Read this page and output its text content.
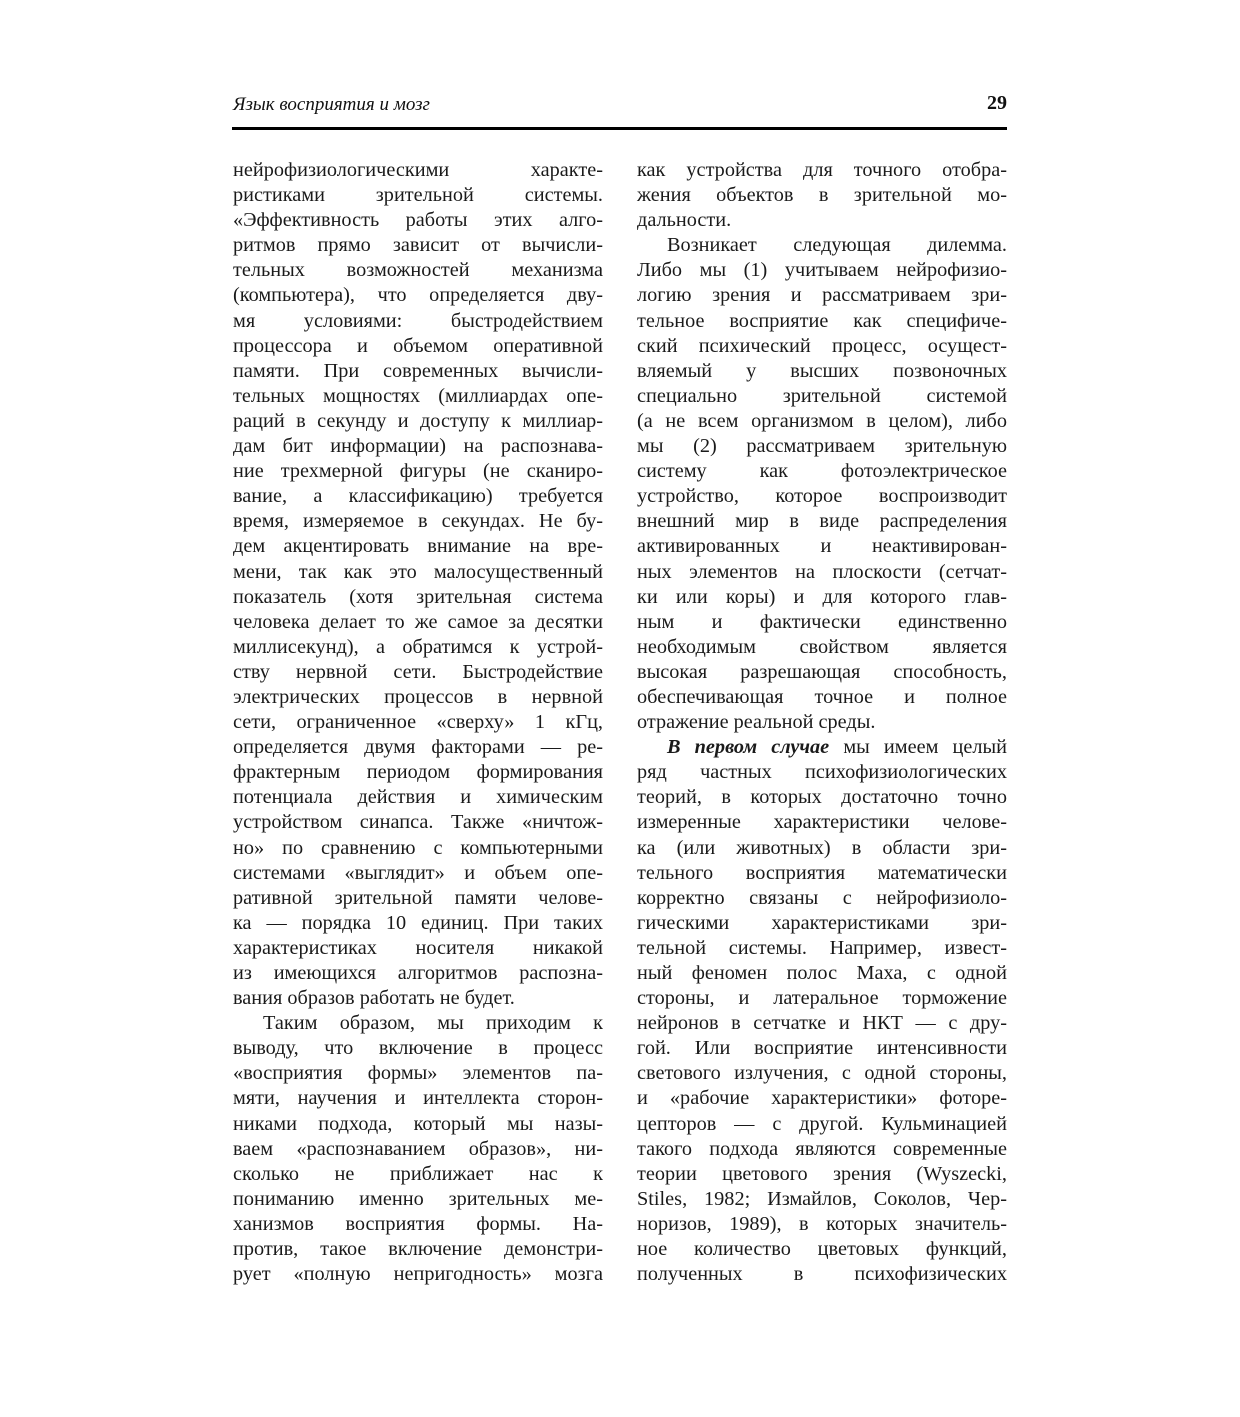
Язык восприятия и мозг	29
нейрофизиологическими характе-
ристиками зрительной системы.
«Эффективность работы этих алго-
ритмов прямо зависит от вычисли-
тельных возможностей механизма
(компьютера), что определяется дву-
мя условиями: быстродействием
процессора и объемом оперативной
памяти. При современных вычисли-
тельных мощностях (миллиардах опе-
раций в секунду и доступу к миллиар-
дам бит информации) на распознава-
ние трехмерной фигуры (не сканиро-
вание, а классификацию) требуется
время, измеряемое в секундах. Не бу-
дем акцентировать внимание на вре-
мени, так как это малосущественный
показатель (хотя зрительная система
человека делает то же самое за десятки
миллисекунд), а обратимся к устрой-
ству нервной сети. Быстродействие
электрических процессов в нервной
сети, ограниченное «сверху» 1 кГц,
определяется двумя факторами — ре-
фрактерным периодом формирования
потенциала действия и химическим
устройством синапса. Также «ничтож-
но» по сравнению с компьютерными
системами «выглядит» и объем опе-
ративной зрительной памяти челове-
ка — порядка 10 единиц. При таких
характеристиках носителя никакой
из имеющихся алгоритмов распозна-
вания образов работать не будет.
Таким образом, мы приходим к
выводу, что включение в процесс
«восприятия формы» элементов па-
мяти, научения и интеллекта сторон-
никами подхода, который мы назы-
ваем «распознаванием образов», ни-
сколько не приближает нас к
пониманию именно зрительных ме-
ханизмов восприятия формы. На-
против, такое включение демонстри-
рует «полную непригодность» мозга
как устройства для точного отобра-
жения объектов в зрительной мо-
дальности.
Возникает следующая дилемма.
Либо мы (1) учитываем нейрофизио-
логию зрения и рассматриваем зри-
тельное восприятие как специфиче-
ский психический процесс, осущест-
вляемый у высших позвоночных
специально зрительной системой
(а не всем организмом в целом), либо
мы (2) рассматриваем зрительную
систему как фотоэлектрическое
устройство, которое воспроизводит
внешний мир в виде распределения
активированных и неактивирован-
ных элементов на плоскости (сетчат-
ки или коры) и для которого глав-
ным и фактически единственно
необходимым свойством является
высокая разрешающая способность,
обеспечивающая точное и полное
отражение реальной среды.
В первом случае мы имеем целый
ряд частных психофизиологических
теорий, в которых достаточно точно
измеренные характеристики челове-
ка (или животных) в области зри-
тельного восприятия математически
корректно связаны с нейрофизиоло-
гическими характеристиками зри-
тельной системы. Например, извест-
ный феномен полос Маха, с одной
стороны, и латеральное торможение
нейронов в сетчатке и НКТ — с дру-
гой. Или восприятие интенсивности
светового излучения, с одной стороны,
и «рабочие характеристики» фоторе-
цепторов — с другой. Кульминацией
такого подхода являются современные
теории цветового зрения (Wyszecki,
Stiles, 1982; Измайлов, Соколов, Чер-
норизов, 1989), в которых значитель-
ное количество цветовых функций,
полученных в психофизических
